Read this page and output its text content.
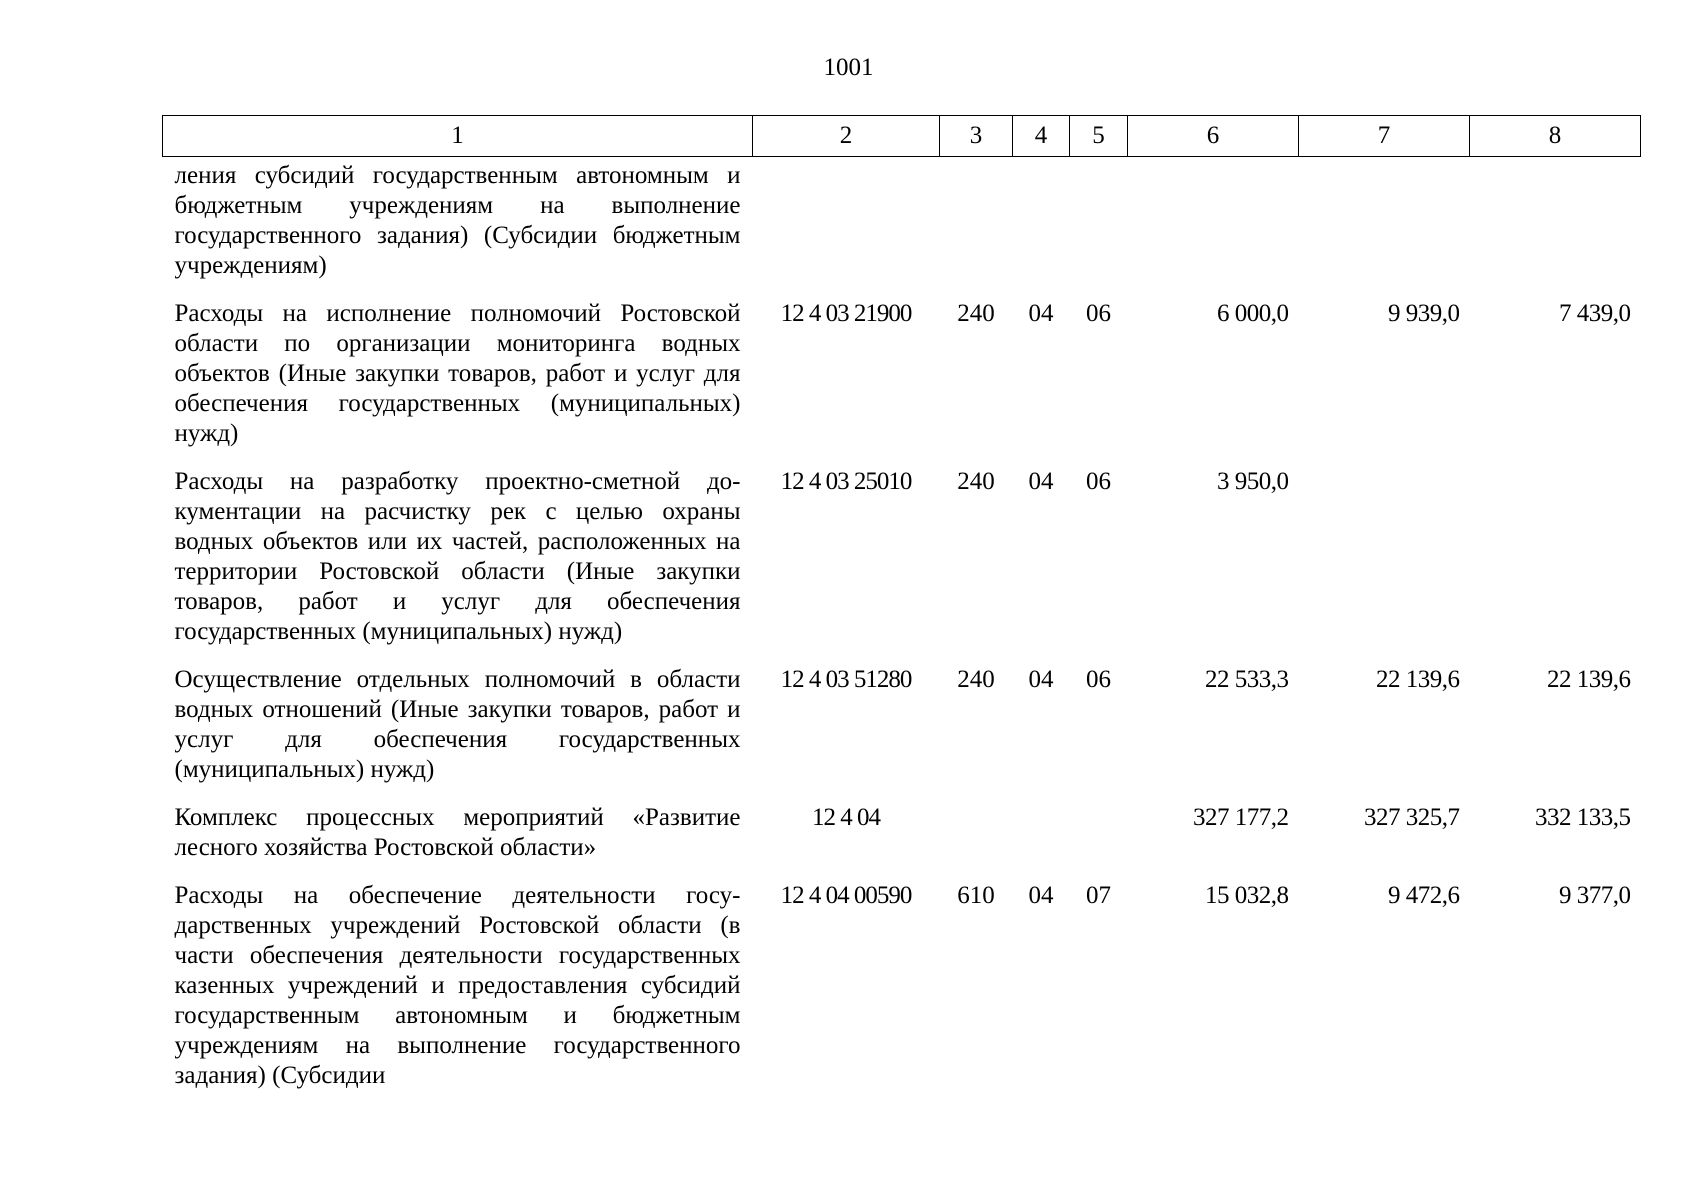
1001
1	2	3	4	5	6	7	8
ления субсидий государственным автономным и бюджетным учреждениям на выполнение государственного задания) (Субсидии бюджетным учреждениям)							
Расходы на исполнение полномочий Ростовской области по организации мониторинга водных объектов (Иные закупки товаров, работ и услуг для обеспечения государственных (муниципальных) нужд)	12 4 03 21900	240	04	06	6 000,0	9 939,0	7 439,0
Расходы на разработку проектно-сметной документации на расчистку рек с целью охраны водных объектов или их частей, расположенных на территории Ростовской области (Иные закупки товаров, работ и услуг для обеспечения государственных (муниципальных) нужд)	12 4 03 25010	240	04	06	3 950,0		
Осуществление отдельных полномочий в области водных отношений (Иные закупки товаров, работ и услуг для обеспечения государственных (муниципальных) нужд)	12 4 03 51280	240	04	06	22 533,3	22 139,6	22 139,6
Комплекс процессных мероприятий «Развитие лесного хозяйства Ростовской области»	12 4 04				327 177,2	327 325,7	332 133,5
Расходы на обеспечение деятельности государственных учреждений Ростовской области (в части обеспечения деятельности государственных казенных учреждений и предоставления субсидий государственным автономным и бюджетным учреждениям на выполнение государственного задания) (Субсидии	12 4 04 00590	610	04	07	15 032,8	9 472,6	9 377,0
